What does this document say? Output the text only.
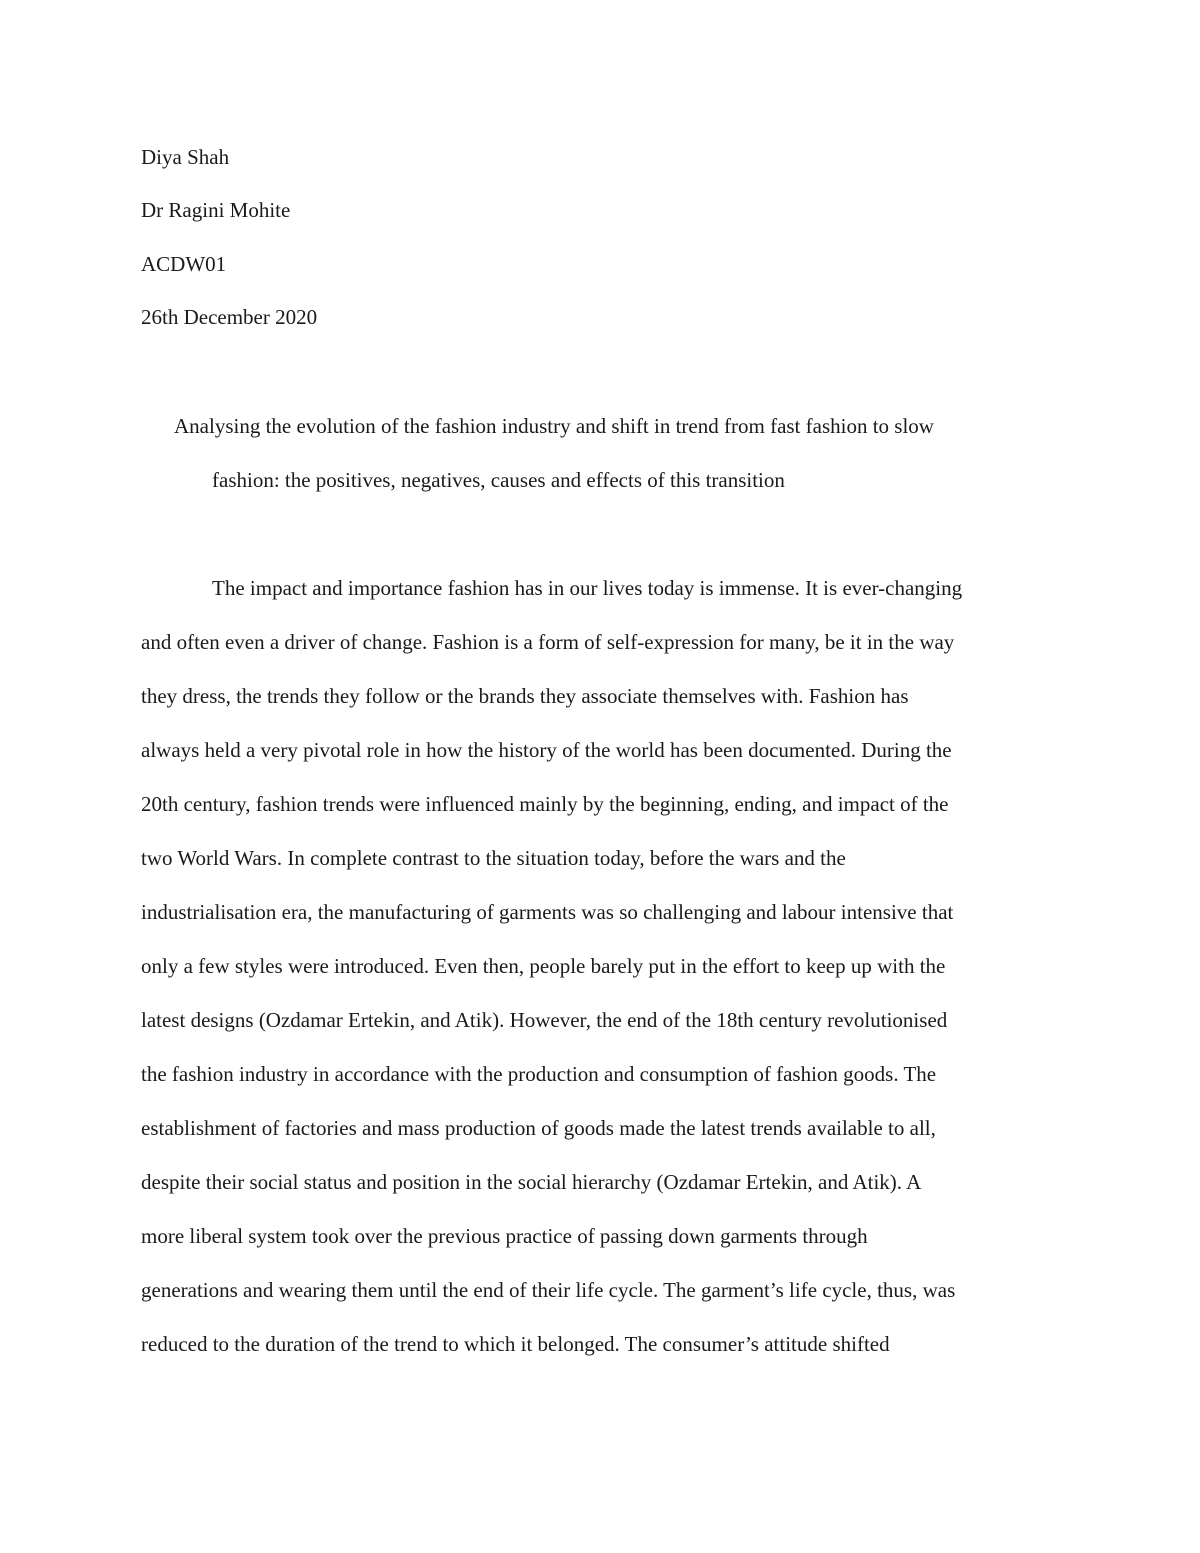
Diya Shah
Dr Ragini Mohite
ACDW01
26th December 2020
Analysing the evolution of the fashion industry and shift in trend from fast fashion to slow
fashion: the positives, negatives, causes and effects of this transition
The impact and importance fashion has in our lives today is immense. It is ever-changing
and often even a driver of change. Fashion is a form of self-expression for many, be it in the way
they dress, the trends they follow or the brands they associate themselves with. Fashion has
always held a very pivotal role in how the history of the world has been documented. During the
20th century, fashion trends were influenced mainly by the beginning, ending, and impact of the
two World Wars. In complete contrast to the situation today, before the wars and the
industrialisation era, the manufacturing of garments was so challenging and labour intensive that
only a few styles were introduced. Even then, people barely put in the effort to keep up with the
latest designs (Ozdamar Ertekin, and Atik). However, the end of the 18th century revolutionised
the fashion industry in accordance with the production and consumption of fashion goods. The
establishment of factories and mass production of goods made the latest trends available to all,
despite their social status and position in the social hierarchy (Ozdamar Ertekin, and Atik). A
more liberal system took over the previous practice of passing down garments through
generations and wearing them until the end of their life cycle. The garment’s life cycle, thus, was
reduced to the duration of the trend to which it belonged. The consumer’s attitude shifted
